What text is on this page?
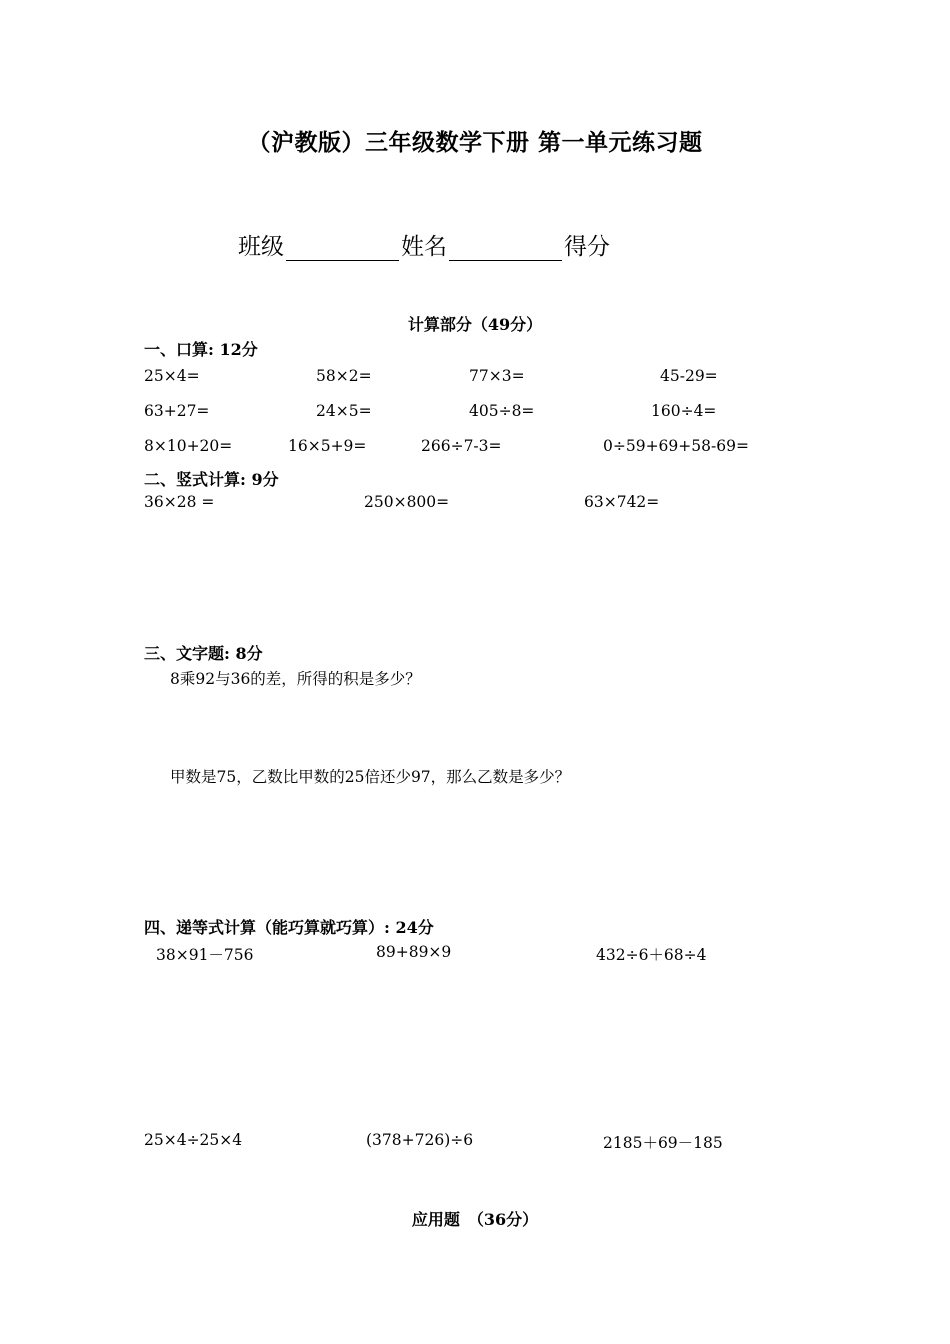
（沪教版）三年级数学下册 第一单元练习题
班级	姓名	得分
计算部分（49分）
一、口算: 12分
25×4=	58×2=	77×3=	45-29=
63+27=	24×5=	405÷8=	160÷4=
8×10+20=	16×5+9=	266÷7-3=	0÷59+69+58-69=
二、竖式计算: 9分
36×28 =	250×800=	63×742=
三、文字题: 8分
8乘92与36的差，所得的积是多少？
甲数是75，乙数比甲数的25倍还少97，那么乙数是多少？
四、递等式计算（能巧算就巧算）: 24分
38×91－756	89+89×9	432÷6＋68÷4
25×4÷25×4	(378+726)÷6	2185＋69－185
应用题　（36分）
